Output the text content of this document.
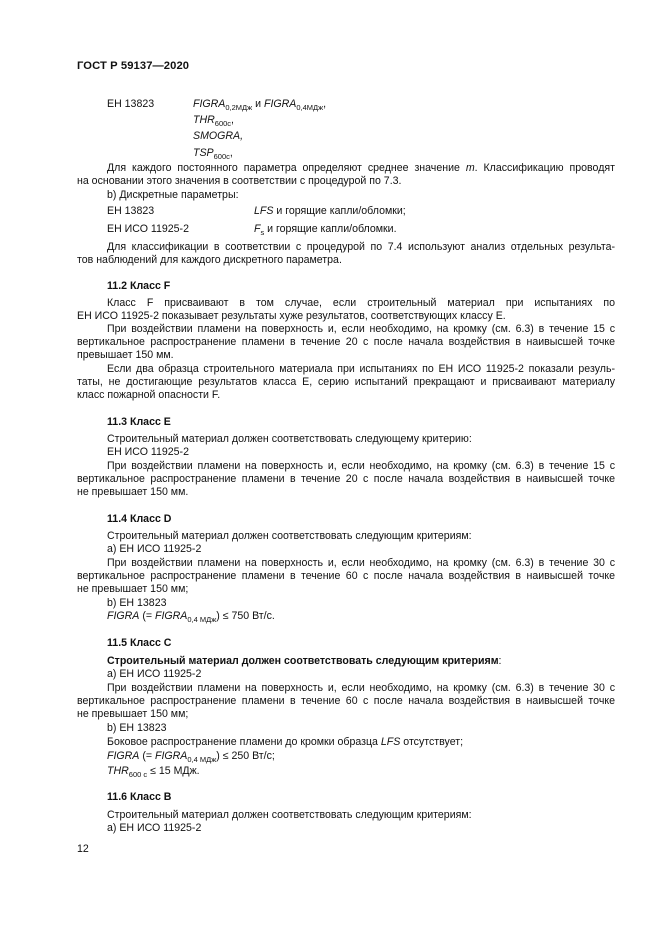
ГОСТ Р 59137—2020
ЕН 13823	$FIGRA_{0,2МДж}$ и $FIGRA_{0,4МДж}$,
$THR_{600с}$,
SMOGRA,
$TSP_{600с}$,
Для каждого постоянного параметра определяют среднее значение m. Классификацию проводят
на основании этого значения в соответствии с процедурой по 7.3.
b) Дискретные параметры:
ЕН 13823	LFS и горящие капли/обломки;
ЕН ИСО 11925-2	$F_s$ и горящие капли/обломки.
Для классификации в соответствии с процедурой по 7.4 используют анализ отдельных результа-
тов наблюдений для каждого дискретного параметра.
11.2 Класс F
Класс F присваивают в том случае, если строительный материал при испытаниях по
ЕН ИСО 11925-2 показывает результаты хуже результатов, соответствующих классу Е.
При воздействии пламени на поверхность и, если необходимо, на кромку (см. 6.3) в течение 15 с
вертикальное распространение пламени в течение 20 с после начала воздействия в наивысшей точке
превышает 150 мм.
Если два образца строительного материала при испытаниях по ЕН ИСО 11925-2 показали резуль-
таты, не достигающие результатов класса Е, серию испытаний прекращают и присваивают материалу
класс пожарной опасности F.
11.3 Класс Е
Строительный материал должен соответствовать следующему критерию:
ЕН ИСО 11925-2
При воздействии пламени на поверхность и, если необходимо, на кромку (см. 6.3) в течение 15 с
вертикальное распространение пламени в течение 20 с после начала воздействия в наивысшей точке
не превышает 150 мм.
11.4 Класс D
Строительный материал должен соответствовать следующим критериям:
а) ЕН ИСО 11925-2
При воздействии пламени на поверхность и, если необходимо, на кромку (см. 6.3) в течение 30 с
вертикальное распространение пламени в течение 60 с после начала воздействия в наивысшей точке
не превышает 150 мм;
b) ЕН 13823
FIGRA (= $FIGRA_{0,4 МДж}) \le 750$ Вт/с.
11.5 Класс С
Строительный материал должен соответствовать следующим критериям:
а) ЕН ИСО 11925-2
При воздействии пламени на поверхность и, если необходимо, на кромку (см. 6.3) в течение 30 с
вертикальное распространение пламени в течение 60 с после начала воздействия в наивысшей точке
не превышает 150 мм;
b) ЕН 13823
Боковое распространение пламени до кромки образца LFS отсутствует;
FIGRA (= $FIGRA_{0,4 МДж}) \le 250$ Вт/с;
$THR_{600 с} \le 15$ МДж.
11.6 Класс В
Строительный материал должен соответствовать следующим критериям:
а) ЕН ИСО 11925-2
12
